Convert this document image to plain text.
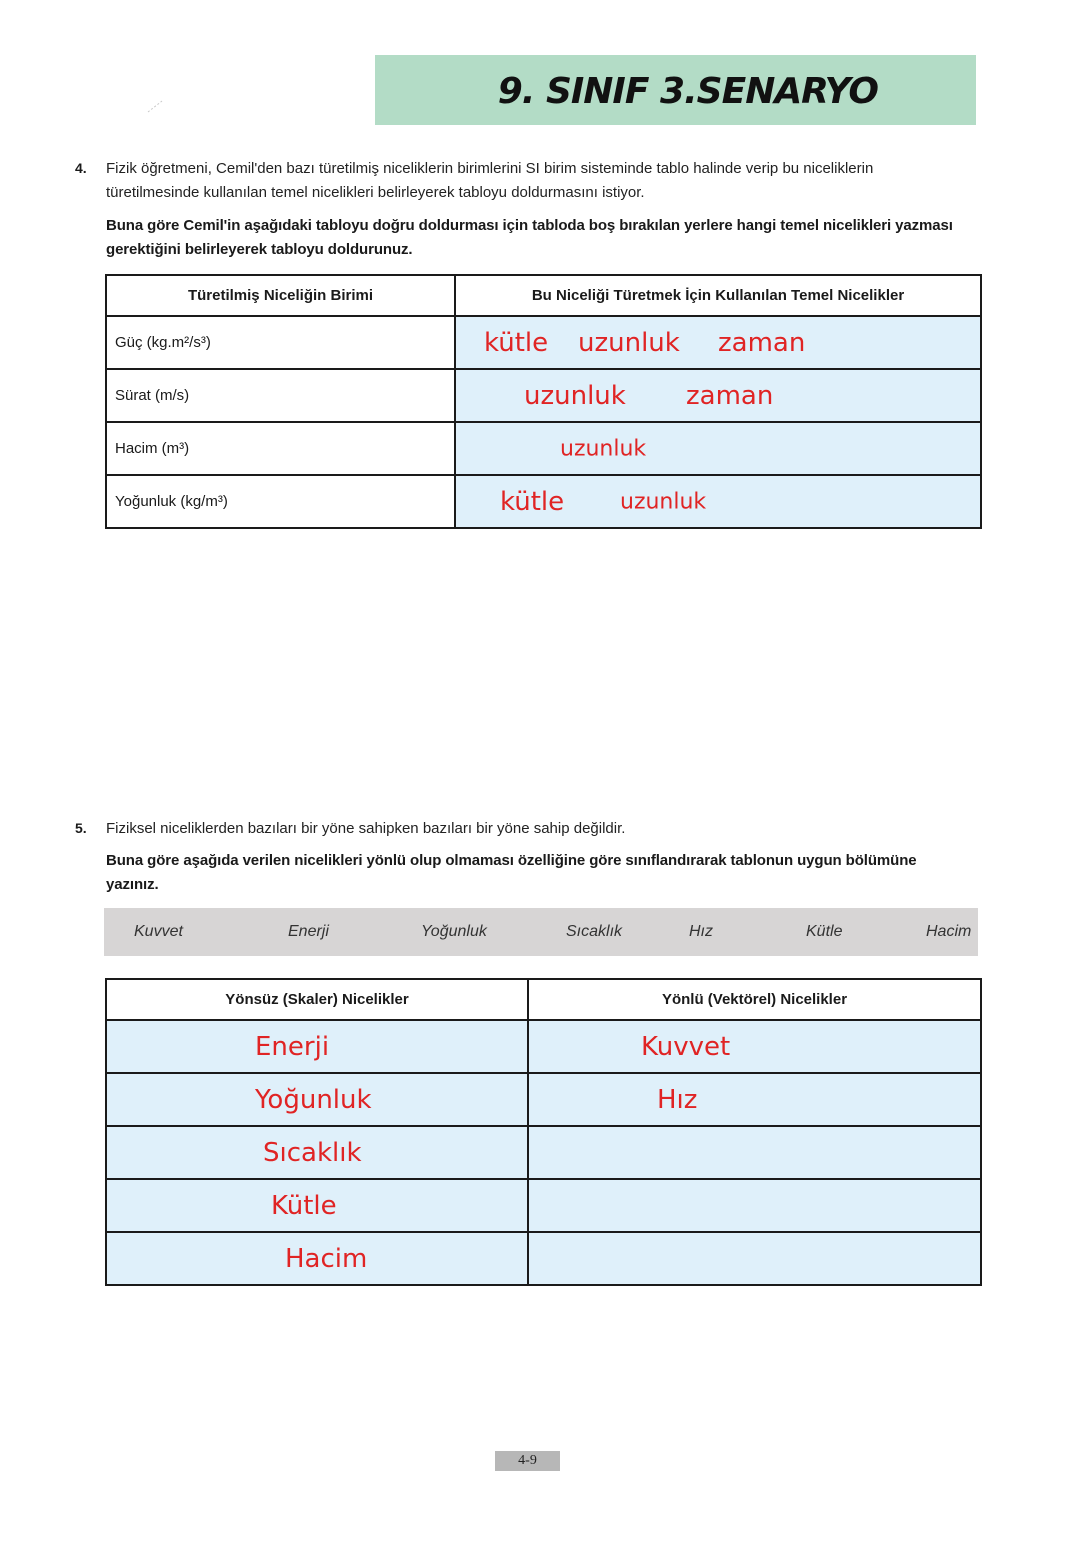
9. SINIF 3.SENARYO
4. Fizik öğretmeni, Cemil'den bazı türetilmiş niceliklerin birimlerini SI birim sisteminde tablo halinde verip bu niceliklerin türetilmesinde kullanılan temel nicelikleri belirleyerek tabloyu doldurmasını istiyor.
Buna göre Cemil'in aşağıdaki tabloyu doğru doldurması için tabloda boş bırakılan yerlere hangi temel nicelikleri yazması gerektiğini belirleyerek tabloyu doldurunuz.
Türetilmiş Niceliğin Birimi	Bu Niceliği Türetmek İçin Kullanılan Temel Nicelikler
Güç (kg.m²/s³)	kütle uzunluk zaman

Sürat (m/s)	uzunluk zaman

Hacim (m³)	uzunluk

Yoğunluk (kg/m³)	kütle uzunluk
5. Fiziksel niceliklerden bazıları bir yöne sahipken bazıları bir yöne sahip değildir.
Buna göre aşağıda verilen nicelikleri yönlü olup olmaması özelliğine göre sınıflandırarak tablonun uygun bölümüne yazınız.
Kuvvet	Enerji	Yoğunluk	Sıcaklık	Hız	Kütle	Hacim
Yönsüz (Skaler) Nicelikler	Yönlü (Vektörel) Nicelikler

Enerji	Kuvvet

Yoğunluk	Hız

Sıcaklık	

Kütle	

Hacim	

4-9
